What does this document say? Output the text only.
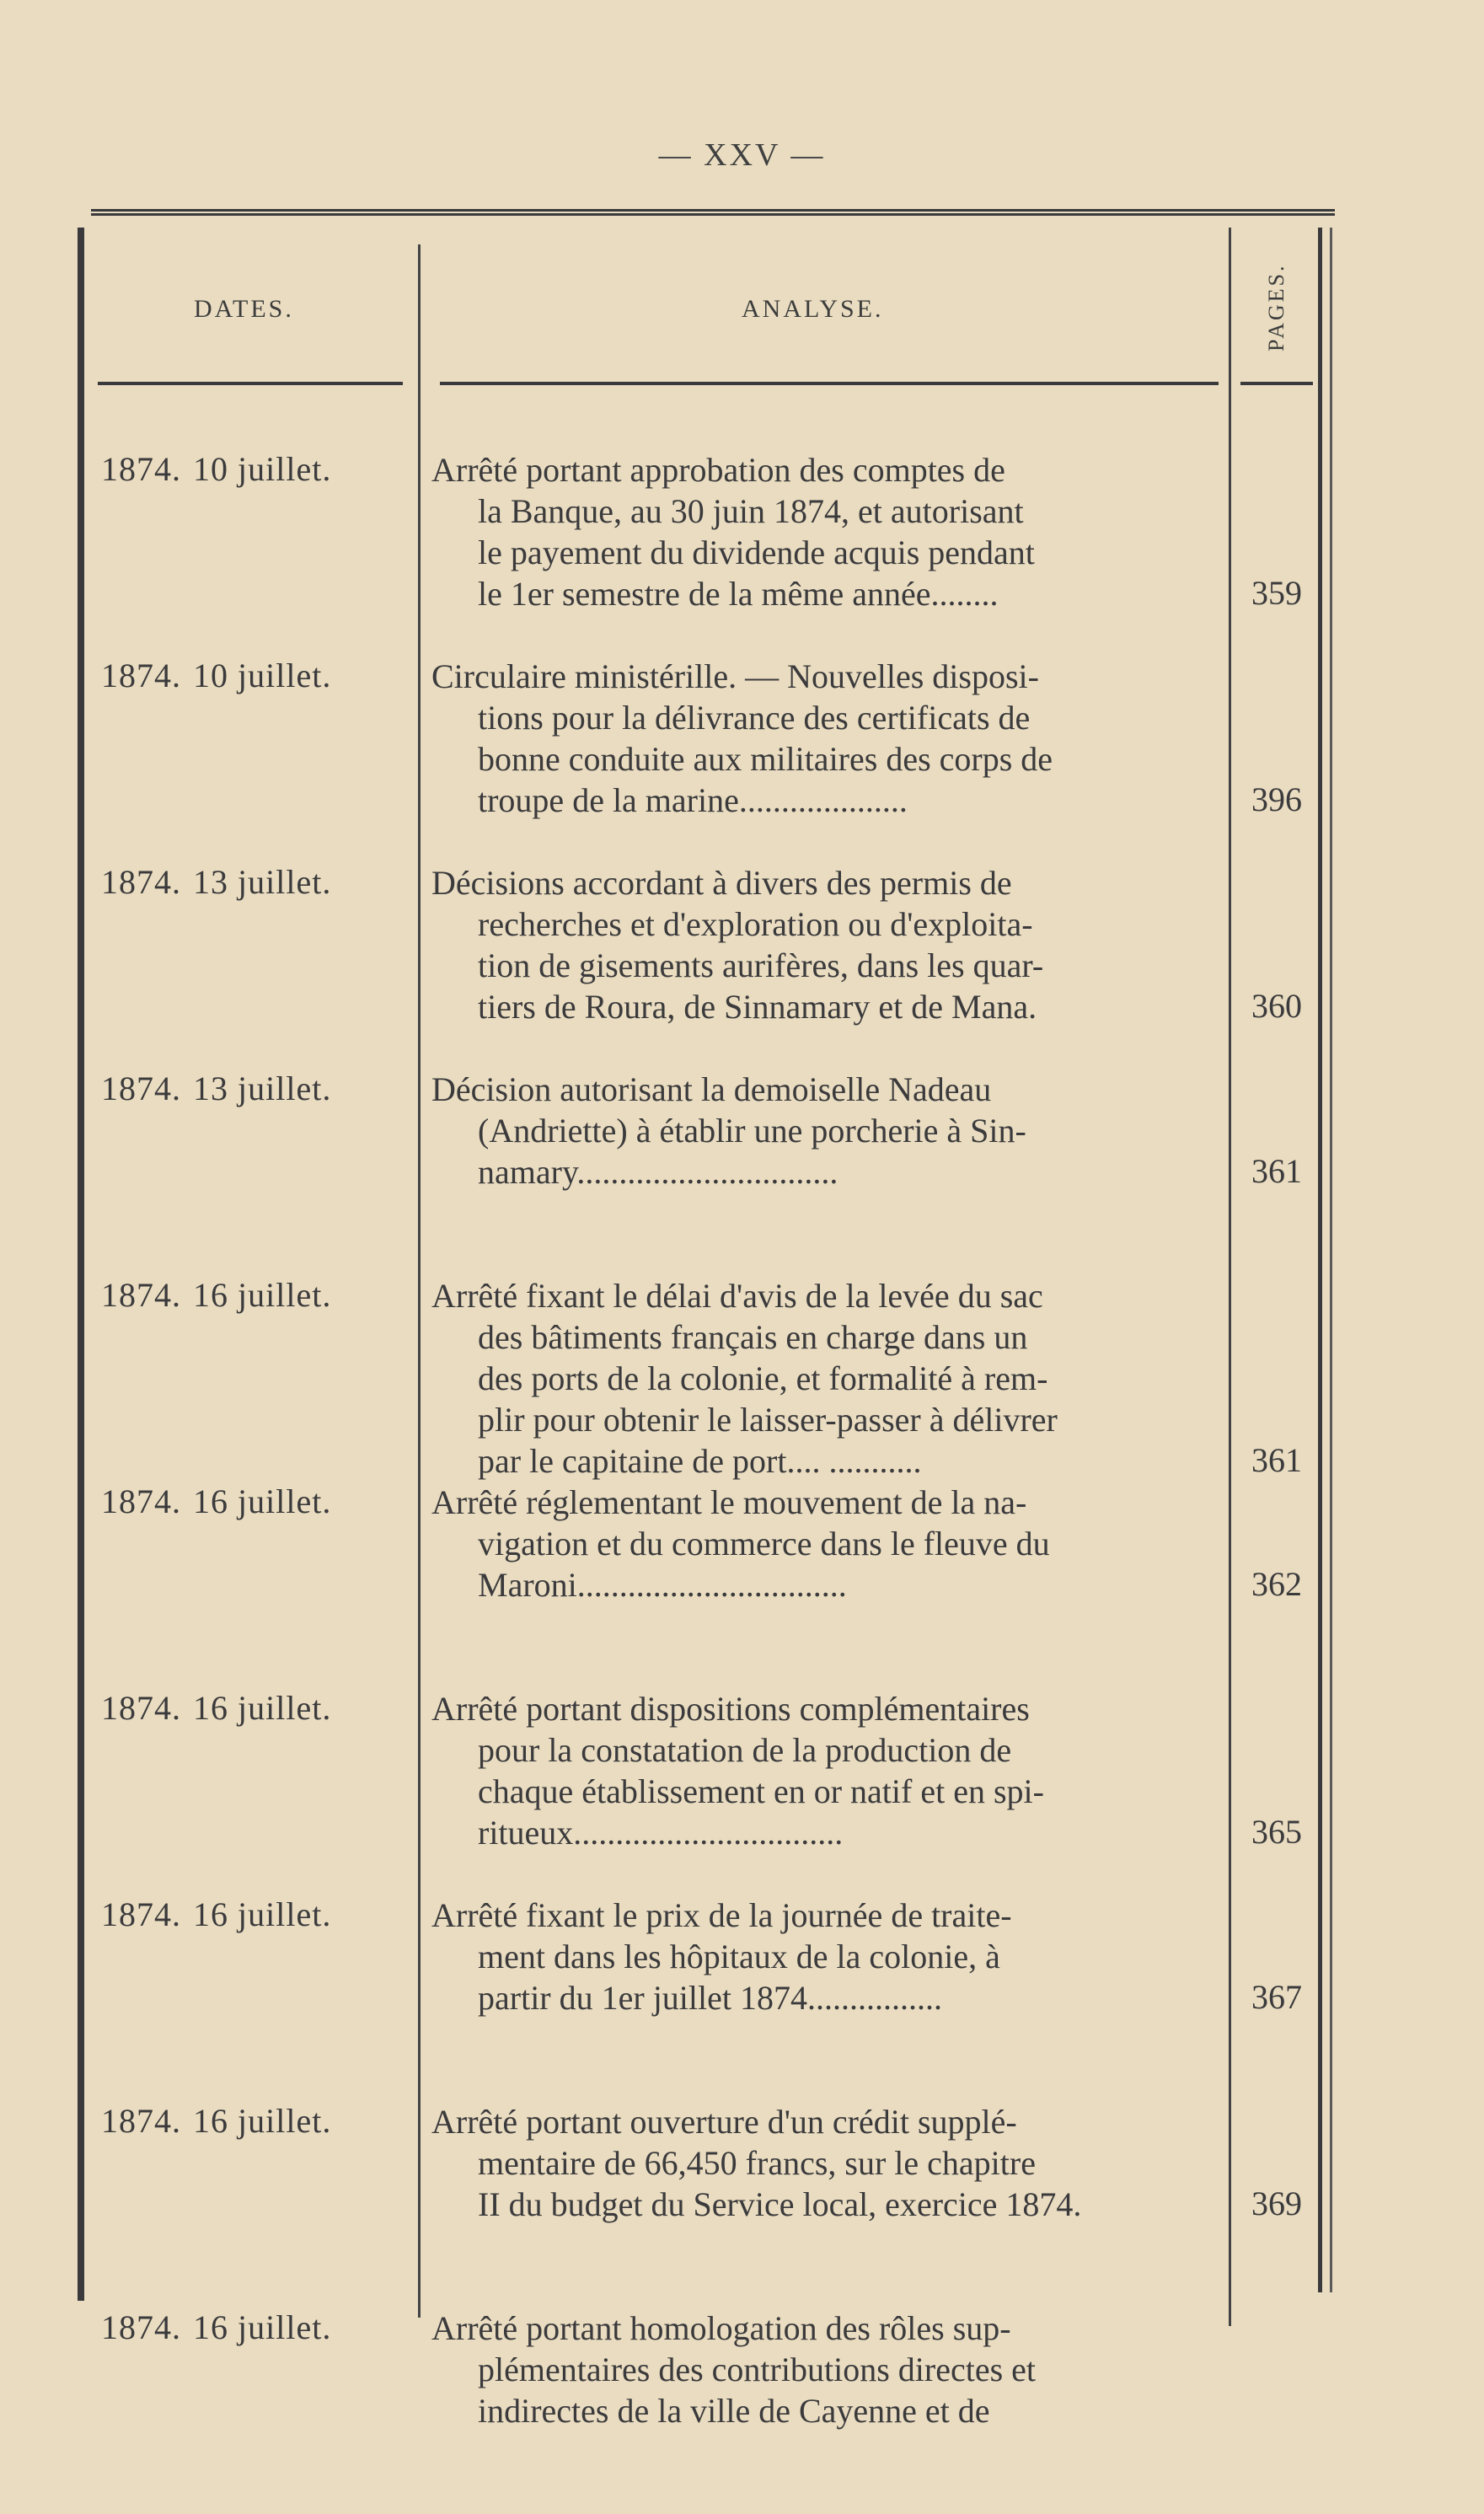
— XXV —
DATES.	ANALYSE.	PAGES.
1874. 10 juillet.	Arrêté portant approbation des comptes de
la Banque, au 30 juin 1874, et autorisant
le payement du dividende acquis pendant
le 1er semestre de la même année........	359
1874. 10 juillet.	Circulaire ministérille. — Nouvelles disposi-
tions pour la délivrance des certificats de
bonne conduite aux militaires des corps de
troupe de la marine....................	396
1874. 13 juillet.	Décisions accordant à divers des permis de
recherches et d'exploration ou d'exploita-
tion de gisements aurifères, dans les quar-
tiers de Roura, de Sinnamary et de Mana.	360
1874. 13 juillet.	Décision autorisant la demoiselle Nadeau
(Andriette) à établir une porcherie à Sin-
namary...............................	361
1874. 16 juillet.	Arrêté fixant le délai d'avis de la levée du sac
des bâtiments français en charge dans un
des ports de la colonie, et formalité à rem-
plir pour obtenir le laisser-passer à délivrer
par le capitaine de port.... ...........	361
1874. 16 juillet.	Arrêté réglementant le mouvement de la na-
vigation et du commerce dans le fleuve du
Maroni................................	362
1874. 16 juillet.	Arrêté portant dispositions complémentaires
pour la constatation de la production de
chaque établissement en or natif et en spi-
ritueux................................	365
1874. 16 juillet.	Arrêté fixant le prix de la journée de traite-
ment dans les hôpitaux de la colonie, à
partir du 1er juillet 1874................	367
1874. 16 juillet.	Arrêté portant ouverture d'un crédit supplé-
mentaire de 66,450 francs, sur le chapitre
II du budget du Service local, exercice 1874.	369
1874. 16 juillet.	Arrêté portant homologation des rôles sup-
plémentaires des contributions directes et
indirectes de la ville de Cayenne et de
